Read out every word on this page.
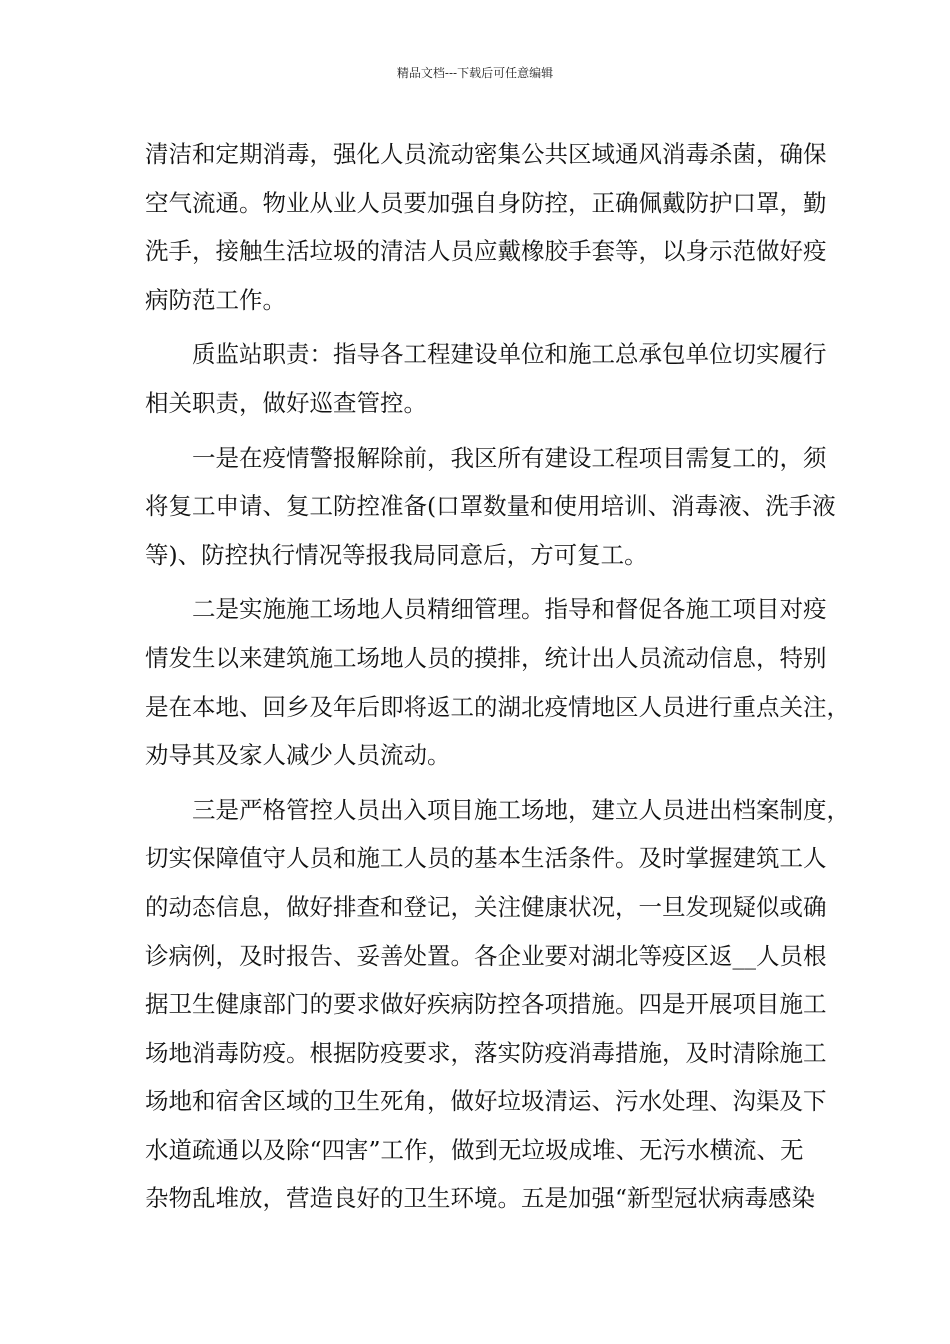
精品文档---下载后可任意编辑
清洁和定期消毒，强化人员流动密集公共区域通风消毒杀菌，确保
空气流通。物业从业人员要加强自身防控，正确佩戴防护口罩，勤
洗手，接触生活垃圾的清洁人员应戴橡胶手套等，以身示范做好疫
病防范工作。
质监站职责：指导各工程建设单位和施工总承包单位切实履行
相关职责，做好巡查管控。
一是在疫情警报解除前，我区所有建设工程项目需复工的，须
将复工申请、复工防控准备(口罩数量和使用培训、消毒液、洗手液
等)、防控执行情况等报我局同意后，方可复工。
二是实施施工场地人员精细管理。指导和督促各施工项目对疫
情发生以来建筑施工场地人员的摸排，统计出人员流动信息，特别
是在本地、回乡及年后即将返工的湖北疫情地区人员进行重点关注，
劝导其及家人减少人员流动。
三是严格管控人员出入项目施工场地，建立人员进出档案制度，
切实保障值守人员和施工人员的基本生活条件。及时掌握建筑工人
的动态信息，做好排查和登记，关注健康状况，一旦发现疑似或确
诊病例，及时报告、妥善处置。各企业要对湖北等疫区返__人员根
据卫生健康部门的要求做好疾病防控各项措施。四是开展项目施工
场地消毒防疫。根据防疫要求，落实防疫消毒措施，及时清除施工
场地和宿舍区域的卫生死角，做好垃圾清运、污水处理、沟渠及下
水道疏通以及除“四害”工作，做到无垃圾成堆、无污水横流、无
杂物乱堆放，营造良好的卫生环境。五是加强“新型冠状病毒感染
